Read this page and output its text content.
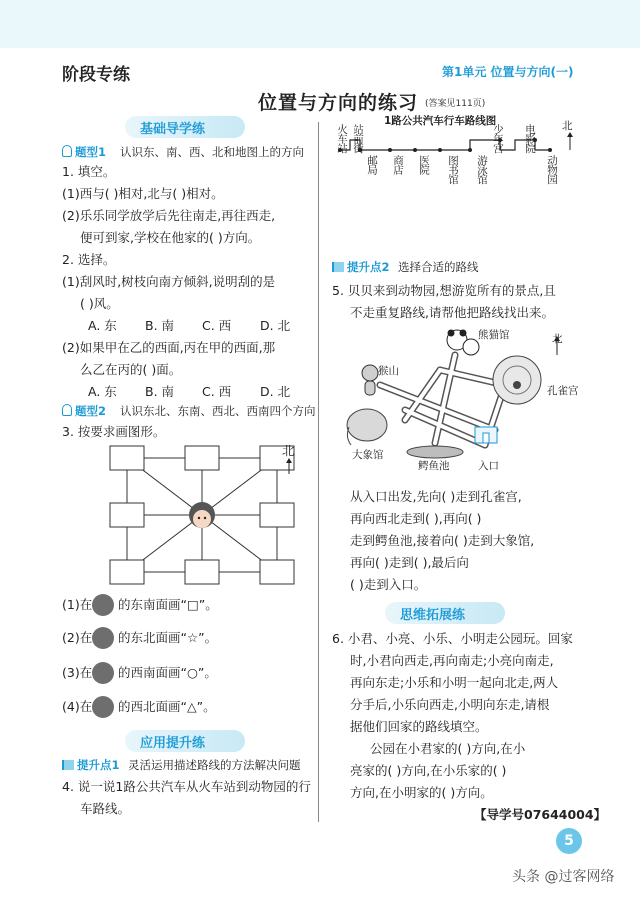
阶段专练	第1单元 位置与方向(一)
位置与方向的练习 (答案见111页)
基础导学练
题型1 认识东、南、西、北和地图上的方向
1. 填空。
(1)西与( )相对,北与( )相对。
(2)乐乐同学放学后先往南走,再往西走,
便可到家,学校在他家的( )方向。
2. 选择。
(1)刮风时,树枝向南方倾斜,说明刮的是
( )风。
A. 东 B. 南 C. 西 D. 北
(2)如果甲在乙的西面,丙在甲的西面,那
么乙在丙的( )面。
A. 东 B. 南 C. 西 D. 北
题型2 认识东北、东南、西北、西南四个方向
3. 按要求画图形。
北
(1)在 的东南面画“□”。
(2)在 的东北面画“☆”。
(3)在 的西南面画“○”。
(4)在 的西北面画“△”。
应用提升练
提升点1 灵活运用描述路线的方法解决问题
4. 说一说1路公共汽车从火车站到动物园的行
车路线。
1路公共汽车行车路线图	北
火车站 站前街
邮局 商店 医院 图书馆 游泳馆
少年宫 电影院
动物园
提升点2 选择合适的路线
5. 贝贝来到动物园,想游览所有的景点,且
不走重复路线,请帮他把路线找出来。
熊猫馆
猴山
孔雀宫
大象馆
鳄鱼池	入口
北
从入口出发,先向( )走到孔雀宫,
再向西北走到( ),再向( )
走到鳄鱼池,接着向( )走到大象馆,
再向( )走到( ),最后向
( )走到入口。
思维拓展练
6. 小君、小亮、小乐、小明走公园玩。回家
时,小君向西走,再向南走;小亮向南走,
再向东走;小乐和小明一起向北走,两人
分手后,小乐向西走,小明向东走,请根
据他们回家的路线填空。
公园在小君家的( )方向,在小
亮家的( )方向,在小乐家的( )
方向,在小明家的( )方向。
【导学号07644004】
5
头条 @过客网络
